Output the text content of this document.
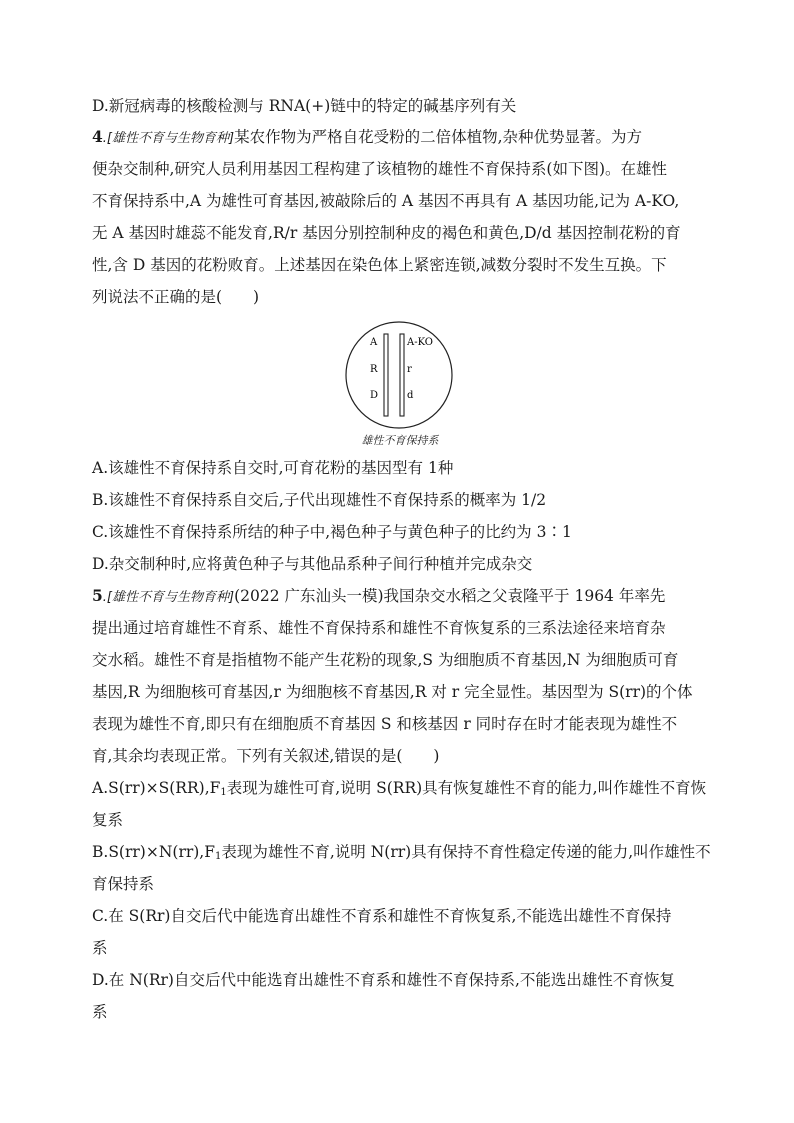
D.新冠病毒的核酸检测与 RNA(+)链中的特定的碱基序列有关
4.[雄性不育与生物育种]某农作物为严格自花受粉的二倍体植物,杂种优势显著。为方
便杂交制种,研究人员利用基因工程构建了该植物的雄性不育保持系(如下图)。在雄性
不育保持系中,A 为雄性可育基因,被敲除后的 A 基因不再具有 A 基因功能,记为 A-KO,
无 A 基因时雄蕊不能发育,R/r 基因分别控制种皮的褐色和黄色,D/d 基因控制花粉的育
性,含 D 基因的花粉败育。上述基因在染色体上紧密连锁,减数分裂时不发生互换。下
列说法不正确的是(　　)
A
R
D
A-KO
r
d
雄性不育保持系
A.该雄性不育保持系自交时,可育花粉的基因型有 1种
B.该雄性不育保持系自交后,子代出现雄性不育保持系的概率为 1/2
C.该雄性不育保持系所结的种子中,褐色种子与黄色种子的比约为 3∶1
D.杂交制种时,应将黄色种子与其他品系种子间行种植并完成杂交
5.[雄性不育与生物育种](2022 广东汕头一模)我国杂交水稻之父袁隆平于 1964 年率先
提出通过培育雄性不育系、雄性不育保持系和雄性不育恢复系的三系法途径来培育杂
交水稻。雄性不育是指植物不能产生花粉的现象,S 为细胞质不育基因,N 为细胞质可育
基因,R 为细胞核可育基因,r 为细胞核不育基因,R 对 r 完全显性。基因型为 S(rr)的个体
表现为雄性不育,即只有在细胞质不育基因 S 和核基因 r 同时存在时才能表现为雄性不
育,其余均表现正常。下列有关叙述,错误的是(　　)
$A.S(rr)\times S(RR),F_1$表现为雄性可育,说明 S(RR)具有恢复雄性不育的能力,叫作雄性不育恢
复系
$B.S(rr)\times N(rr),F_1$表现为雄性不育,说明 N(rr)具有保持不育性稳定传递的能力,叫作雄性不
育保持系
C.在 S(Rr)自交后代中能选育出雄性不育系和雄性不育恢复系,不能选出雄性不育保持
系
D.在 N(Rr)自交后代中能选育出雄性不育系和雄性不育保持系,不能选出雄性不育恢复
系
